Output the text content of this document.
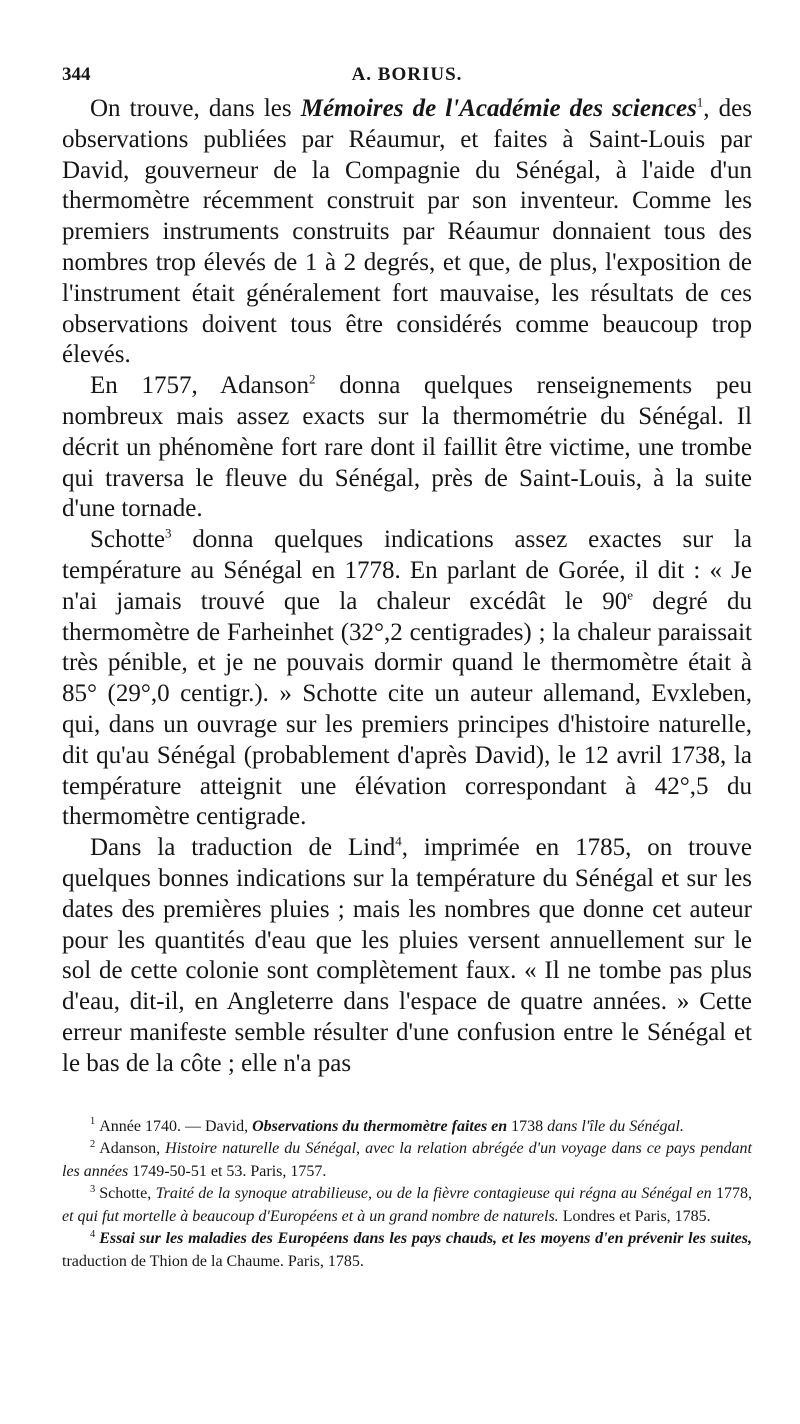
344	A. BORIUS.

On trouve, dans les Mémoires de l'Académie des sciences$^1$, des observations publiées par Réaumur, et faites à Saint-Louis par David, gouverneur de la Compagnie du Sénégal, à l'aide d'un thermomètre récemment construit par son inventeur. Comme les premiers instruments construits par Réaumur donnaient tous des nombres trop élevés de 1 à 2 degrés, et que, de plus, l'exposition de l'instrument était généralement fort mauvaise, les résultats de ces observations doivent tous être considérés comme beaucoup trop élevés.

En 1757, Adanson$^2$ donna quelques renseignements peu nombreux mais assez exacts sur la thermométrie du Sénégal. Il décrit un phénomène fort rare dont il faillit être victime, une trombe qui traversa le fleuve du Sénégal, près de Saint-Louis, à la suite d'une tornade.

Schotte$^3$ donna quelques indications assez exactes sur la température au Sénégal en 1778. En parlant de Gorée, il dit : « Je n'ai jamais trouvé que la chaleur excédât le 90e degré du thermomètre de Farheinhet (32°,2 centigrades) ; la chaleur paraissait très pénible, et je ne pouvais dormir quand le thermomètre était à 85° (29°,0 centigr.). » Schotte cite un auteur allemand, Evxleben, qui, dans un ouvrage sur les premiers principes d'histoire naturelle, dit qu'au Sénégal (probablement d'après David), le 12 avril 1738, la température atteignit une élévation correspondant à 42°,5 du thermomètre centigrade.

Dans la traduction de Lind$^4$, imprimée en 1785, on trouve quelques bonnes indications sur la température du Sénégal et sur les dates des premières pluies ; mais les nombres que donne cet auteur pour les quantités d'eau que les pluies versent annuellement sur le sol de cette colonie sont complètement faux. « Il ne tombe pas plus d'eau, dit-il, en Angleterre dans l'espace de quatre années. » Cette erreur manifeste semble résulter d'une confusion entre le Sénégal et le bas de la côte ; elle n'a pas

$^1$ Année 1740. — David, Observations du thermomètre faites en 1738 dans l'île du Sénégal.

$^2$ Adanson, Histoire naturelle du Sénégal, avec la relation abrégée d'un voyage dans ce pays pendant les années 1749-50-51 et 53. Paris, 1757.

$^3$ Schotte, Traité de la synoque atrabilieuse, ou de la fièvre contagieuse qui régna au Sénégal en 1778, et qui fut mortelle à beaucoup d'Européens et à un grand nombre de naturels. Londres et Paris, 1785.

$^4$ Essai sur les maladies des Européens dans les pays chauds, et les moyens d'en prévenir les suites, traduction de Thion de la Chaume. Paris, 1785.
